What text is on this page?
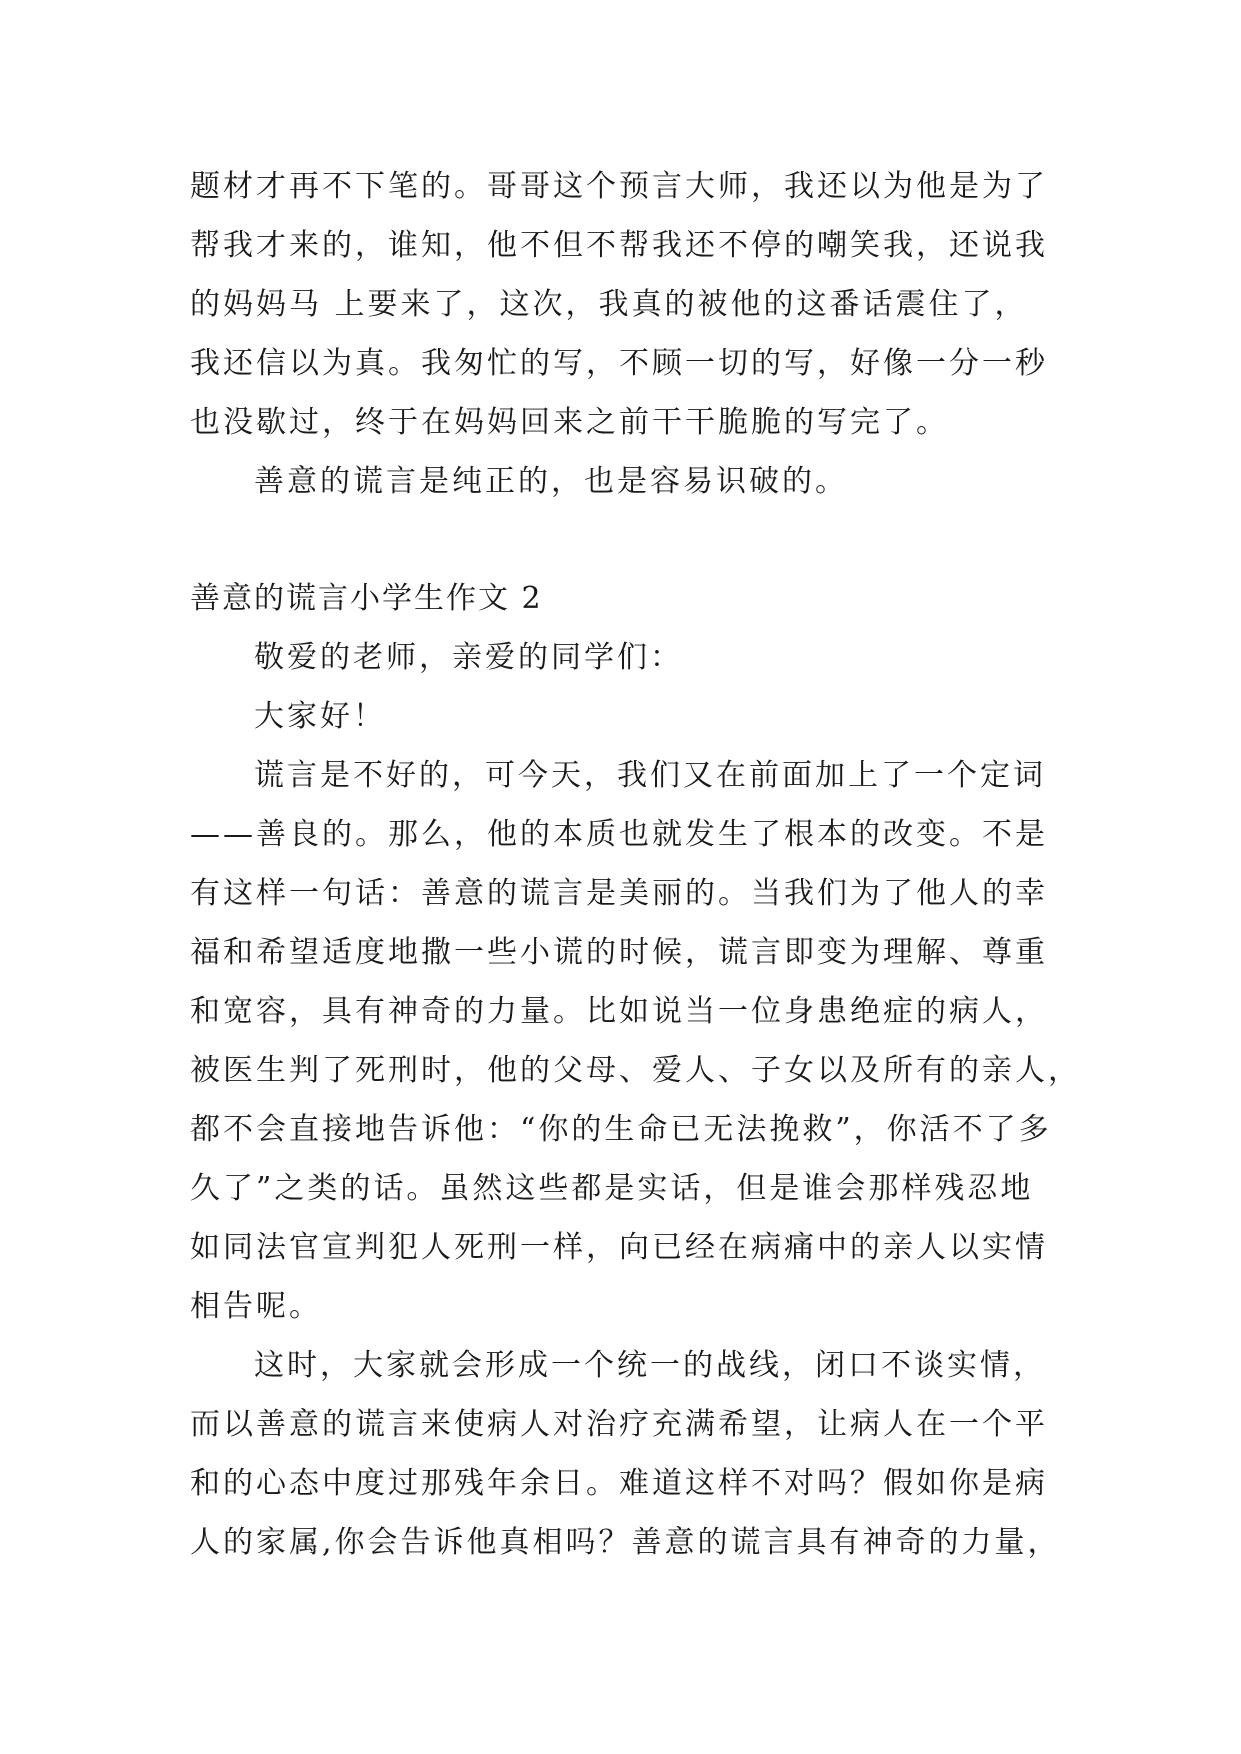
题材才再不下笔的。哥哥这个预言大师，我还以为他是为了
帮我才来的，谁知，他不但不帮我还不停的嘲笑我，还说我
的妈妈马 上要来了，这次，我真的被他的这番话震住了，
我还信以为真。我匆忙的写，不顾一切的写，好像一分一秒
也没歇过，终于在妈妈回来之前干干脆脆的写完了。
善意的谎言是纯正的，也是容易识破的。
善意的谎言小学生作文 2
敬爱的老师，亲爱的同学们：
大家好！
谎言是不好的，可今天，我们又在前面加上了一个定词
——善良的。那么，他的本质也就发生了根本的改变。不是
有这样一句话：善意的谎言是美丽的。当我们为了他人的幸
福和希望适度地撒一些小谎的时候，谎言即变为理解、尊重
和宽容，具有神奇的力量。比如说当一位身患绝症的病人，
被医生判了死刑时，他的父母、爱人、子女以及所有的亲人，
都不会直接地告诉他：“你的生命已无法挽救”，你活不了多
久了”之类的话。虽然这些都是实话，但是谁会那样残忍地
如同法官宣判犯人死刑一样，向已经在病痛中的亲人以实情
相告呢。
这时，大家就会形成一个统一的战线，闭口不谈实情，
而以善意的谎言来使病人对治疗充满希望，让病人在一个平
和的心态中度过那残年余日。难道这样不对吗？假如你是病
人的家属,你会告诉他真相吗？善意的谎言具有神奇的力量，
